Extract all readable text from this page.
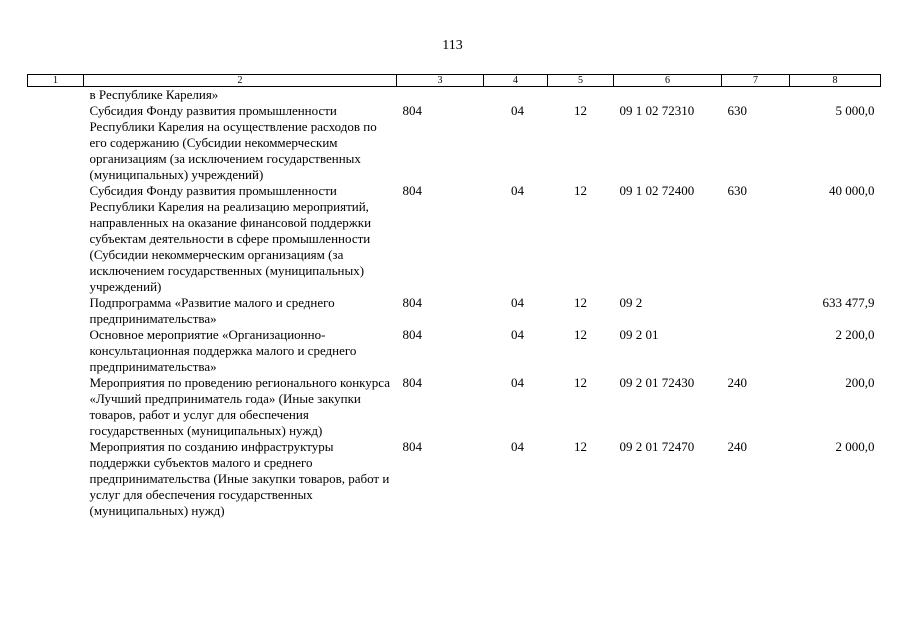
113
1	2	3	4	5	6	7	8
	в Республике Карелия»						
	Субсидия Фонду развития промышленности Республики Карелия на осуществление расходов по его содержанию (Субсидии некоммерческим организациям (за исключением государственных (муниципальных) учреждений)	804	04	12	09 1 02 72310	630	5 000,0
	Субсидия Фонду развития промышленности Республики Карелия на реализацию мероприятий, направленных на оказание финансовой поддержки субъектам деятельности в сфере промышленности (Субсидии некоммерческим организациям (за исключением государственных (муниципальных) учреждений)	804	04	12	09 1 02 72400	630	40 000,0
	Подпрограмма «Развитие малого и среднего предпринимательства»	804	04	12	09 2		633 477,9
	Основное мероприятие «Организационно-консультационная поддержка малого и среднего предпринимательства»	804	04	12	09 2 01		2 200,0
	Мероприятия по проведению регионального конкурса «Лучший предприниматель года» (Иные закупки товаров, работ и услуг для обеспечения государственных (муниципальных) нужд)	804	04	12	09 2 01 72430	240	200,0
	Мероприятия по созданию инфраструктуры поддержки субъектов малого и среднего предпринимательства (Иные закупки товаров, работ и услуг для обеспечения государственных (муниципальных) нужд)	804	04	12	09 2 01 72470	240	2 000,0
